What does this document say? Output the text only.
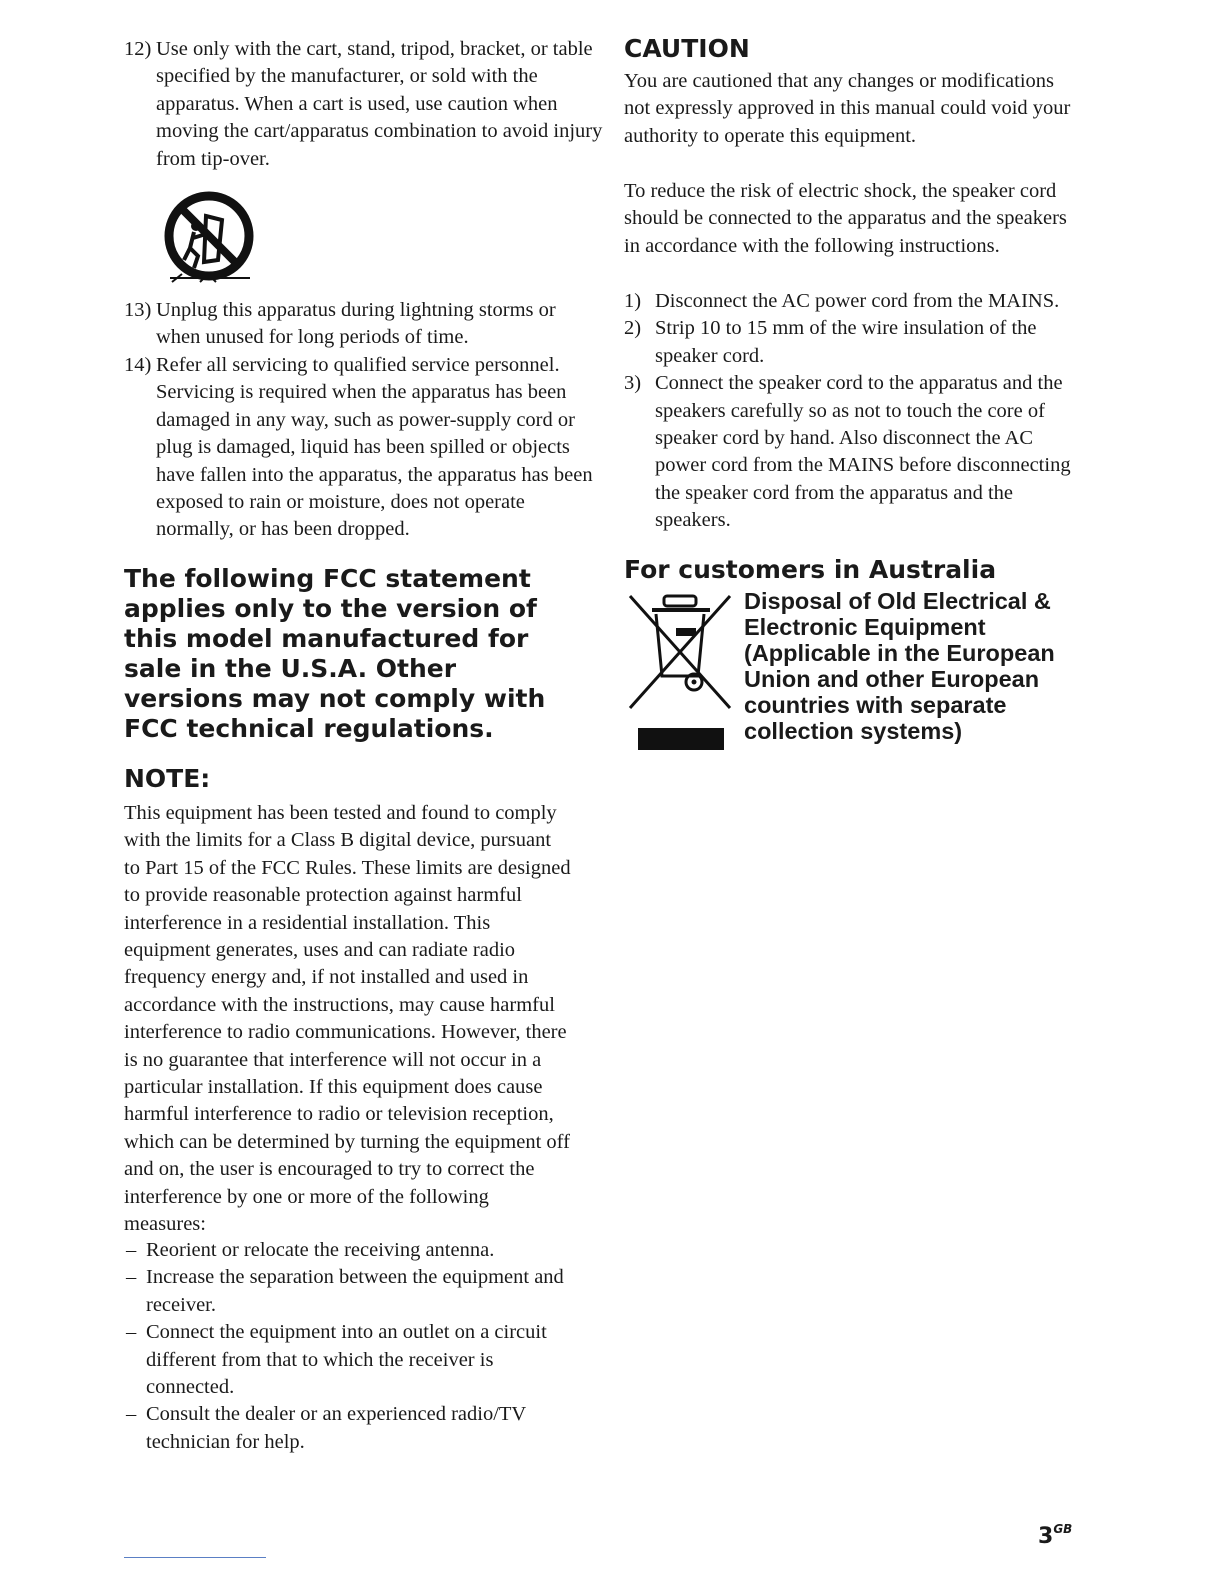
12) Use only with the cart, stand, tripod, bracket, or table specified by the manufacturer, or sold with the apparatus. When a cart is used, use caution when moving the cart/apparatus combination to avoid injury from tip-over.
13) Unplug this apparatus during lightning storms or when unused for long periods of time.
14) Refer all servicing to qualified service personnel. Servicing is required when the apparatus has been damaged in any way, such as power-supply cord or plug is damaged, liquid has been spilled or objects have fallen into the apparatus, the apparatus has been exposed to rain or moisture, does not operate normally, or has been dropped.
The following FCC statement applies only to the version of this model manufactured for sale in the U.S.A. Other versions may not comply with FCC technical regulations.
NOTE:
This equipment has been tested and found to comply with the limits for a Class B digital device, pursuant to Part 15 of the FCC Rules. These limits are designed to provide reasonable protection against harmful interference in a residential installation. This equipment generates, uses and can radiate radio frequency energy and, if not installed and used in accordance with the instructions, may cause harmful interference to radio communications. However, there is no guarantee that interference will not occur in a particular installation. If this equipment does cause harmful interference to radio or television reception, which can be determined by turning the equipment off and on, the user is encouraged to try to correct the interference by one or more of the following measures:
– Reorient or relocate the receiving antenna.
– Increase the separation between the equipment and receiver.
– Connect the equipment into an outlet on a circuit different from that to which the receiver is connected.
– Consult the dealer or an experienced radio/TV technician for help.
CAUTION
You are cautioned that any changes or modifications not expressly approved in this manual could void your authority to operate this equipment.
To reduce the risk of electric shock, the speaker cord should be connected to the apparatus and the speakers in accordance with the following instructions.
1) Disconnect the AC power cord from the MAINS.
2) Strip 10 to 15 mm of the wire insulation of the speaker cord.
3) Connect the speaker cord to the apparatus and the speakers carefully so as not to touch the core of speaker cord by hand. Also disconnect the AC power cord from the MAINS before disconnecting the speaker cord from the apparatus and the speakers.
For customers in Australia
Disposal of Old Electrical & Electronic Equipment (Applicable in the European Union and other European countries with separate collection systems)
$3^{GB}$
